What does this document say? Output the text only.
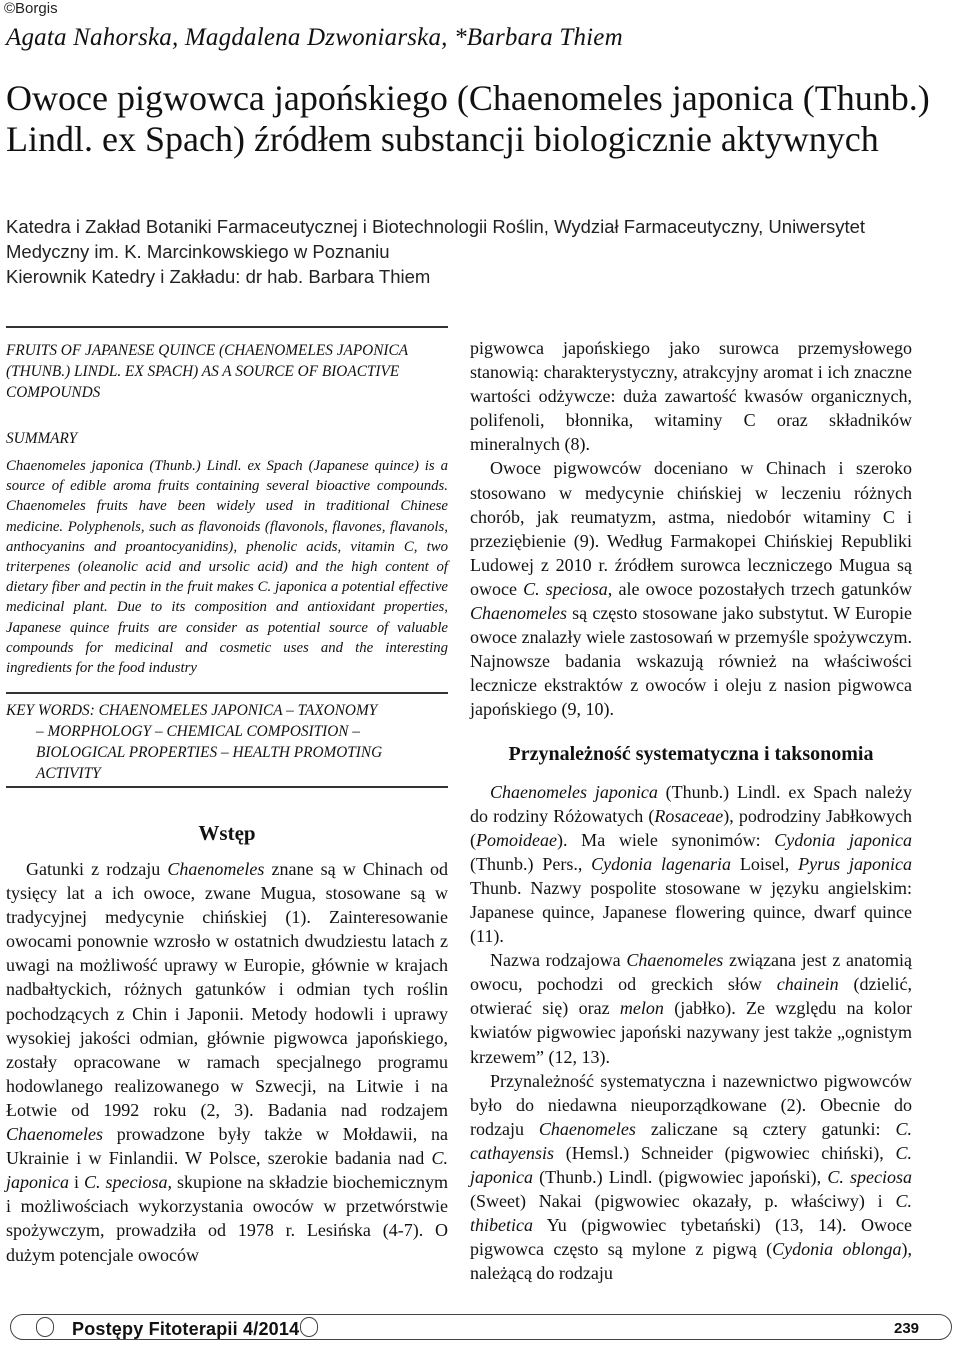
©Borgis
Agata Nahorska, Magdalena Dzwoniarska, *Barbara Thiem
Owoce pigwowca japońskiego (Chaenomeles japonica (Thunb.) Lindl. ex Spach) źródłem substancji biologicznie aktywnych
Katedra i Zakład Botaniki Farmaceutycznej i Biotechnologii Roślin, Wydział Farmaceutyczny, Uniwersytet Medyczny im. K. Marcinkowskiego w Poznaniu
Kierownik Katedry i Zakładu: dr hab. Barbara Thiem
FRUITS OF JAPANESE QUINCE (CHAENOMELES JAPONICA (THUNB.) LINDL. EX SPACH) AS A SOURCE OF BIOACTIVE COMPOUNDS
SUMMARY
Chaenomeles japonica (Thunb.) Lindl. ex Spach (Japanese quince) is a source of edible aroma fruits containing several bioactive compounds. Chaenomeles fruits have been widely used in traditional Chinese medicine. Polyphenols, such as flavonoids (flavonols, flavones, flavanols, anthocyanins and proantocyanidins), phenolic acids, vitamin C, two triterpenes (oleanolic acid and ursolic acid) and the high content of dietary fiber and pectin in the fruit makes C. japonica a potential effective medicinal plant. Due to its composition and antioxidant properties, Japanese quince fruits are consider as potential source of valuable compounds for medicinal and cosmetic uses and the interesting ingredients for the food industry
KEY WORDS: CHAENOMELES JAPONICA – TAXONOMY
– MORPHOLOGY – CHEMICAL COMPOSITION –
BIOLOGICAL PROPERTIES – HEALTH PROMOTING
ACTIVITY
Wstęp
Gatunki z rodzaju Chaenomeles znane są w Chinach od tysięcy lat a ich owoce, zwane Mugua, stosowane są w tradycyjnej medycynie chińskiej (1). Zainteresowanie owocami ponownie wzrosło w ostatnich dwudziestu latach z uwagi na możliwość uprawy w Europie, głównie w krajach nadbałtyckich, różnych gatunków i odmian tych roślin pochodzących z Chin i Japonii. Metody hodowli i uprawy wysokiej jakości odmian, głównie pigwowca japońskiego, zostały opracowane w ramach specjalnego programu hodowlanego realizowanego w Szwecji, na Litwie i na Łotwie od 1992 roku (2, 3). Badania nad rodzajem Chaenomeles prowadzone były także w Mołdawii, na Ukrainie i w Finlandii. W Polsce, szerokie badania nad C. japonica i C. speciosa, skupione na składzie biochemicznym i możliwościach wykorzystania owoców w przetwórstwie spożywczym, prowadziła od 1978 r. Lesińska (4-7). O dużym potencjale owoców

pigwowca japońskiego jako surowca przemysłowego stanowią: charakterystyczny, atrakcyjny aromat i ich znaczne wartości odżywcze: duża zawartość kwasów organicznych, polifenoli, błonnika, witaminy C oraz składników mineralnych (8).

Owoce pigwowców doceniano w Chinach i szeroko stosowano w medycynie chińskiej w leczeniu różnych chorób, jak reumatyzm, astma, niedobór witaminy C i przeziębienie (9). Według Farmakopei Chińskiej Republiki Ludowej z 2010 r. źródłem surowca leczniczego Mugua są owoce C. speciosa, ale owoce pozostałych trzech gatunków Chaenomeles są często stosowane jako substytut. W Europie owoce znalazły wiele zastosowań w przemyśle spożywczym. Najnowsze badania wskazują również na właściwości lecznicze ekstraktów z owoców i oleju z nasion pigwowca japońskiego (9, 10).

Przynależność systematyczna i taksonomia

Chaenomeles japonica (Thunb.) Lindl. ex Spach należy do rodziny Różowatych (Rosaceae), podrodziny Jabłkowych (Pomoideae). Ma wiele synonimów: Cydonia japonica (Thunb.) Pers., Cydonia lagenaria Loisel, Pyrus japonica Thunb. Nazwy pospolite stosowane w języku angielskim: Japanese quince, Japanese flowering quince, dwarf quince (11).

Nazwa rodzajowa Chaenomeles związana jest z anatomią owocu, pochodzi od greckich słów chainein (dzielić, otwierać się) oraz melon (jabłko). Ze względu na kolor kwiatów pigwowiec japoński nazywany jest także „ognistym krzewem” (12, 13).

Przynależność systematyczna i nazewnictwo pigwowców było do niedawna nieuporządkowane (2). Obecnie do rodzaju Chaenomeles zaliczane są cztery gatunki: C. cathayensis (Hemsl.) Schneider (pigwowiec chiński), C. japonica (Thunb.) Lindl. (pigwowiec japoński), C. speciosa (Sweet) Nakai (pigwowiec okazały, p. właściwy) i C. thibetica Yu (pigwowiec tybetański) (13, 14). Owoce pigwowca często są mylone z pigwą (Cydonia oblonga), należącą do rodzaju

Postępy Fitoterapii 4/2014	239
